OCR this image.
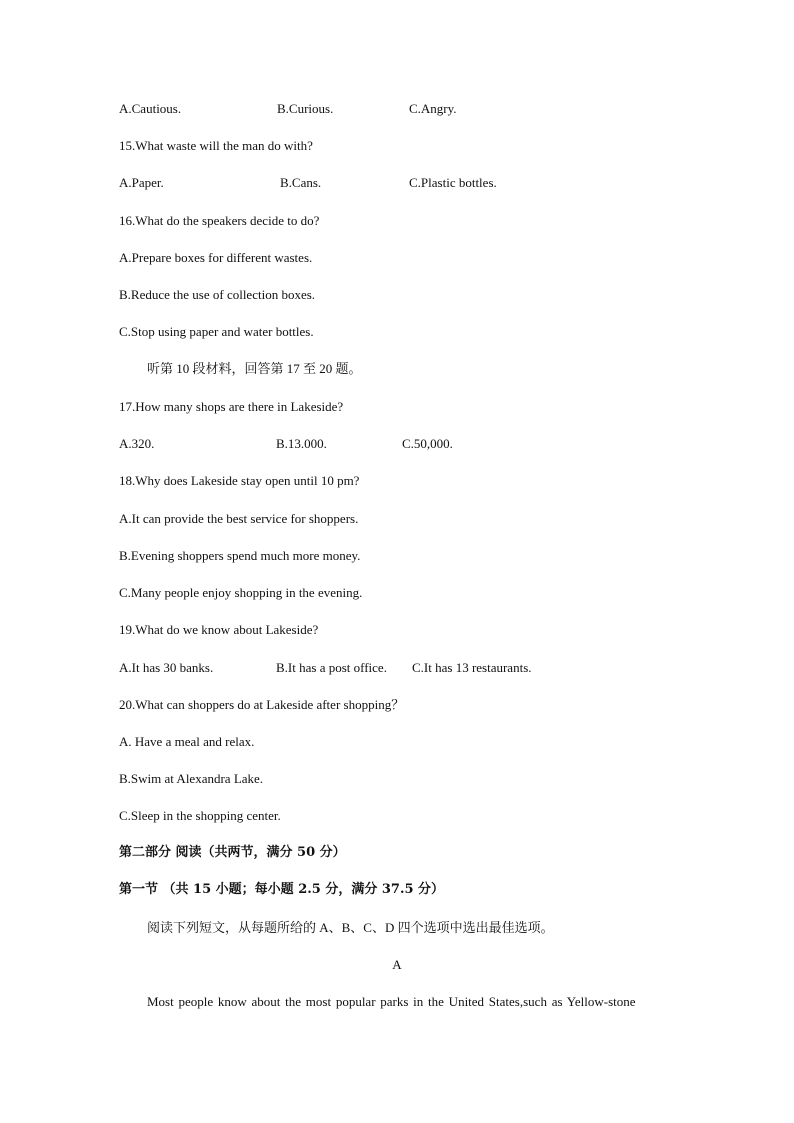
A.Cautious.	B.Curious.	C.Angry.
15.What waste will the man do with?
A.Paper.	B.Cans.	C.Plastic bottles.
16.What do the speakers decide to do?
A.Prepare boxes for different wastes.
B.Reduce the use of collection boxes.
C.Stop using paper and water bottles.
听第 10 段材料，回答第 17 至 20 题。
17.How many shops are there in Lakeside?
A.320.	B.13.000.	C.50,000.
18.Why does Lakeside stay open until 10 pm?
A.It can provide the best service for shoppers.
B.Evening shoppers spend much more money.
C.Many people enjoy shopping in the evening.
19.What do we know about Lakeside?
A.It has 30 banks.	B.It has a post office. C.It has 13 restaurants.
20.What can shoppers do at Lakeside after shopping？
A. Have a meal and relax.
B.Swim at Alexandra Lake.
C.Sleep in the shopping center.
第二部分 阅读（共两节，满分 50 分）
第一节 （共 15 小题；每小题 2.5 分，满分 37.5 分）
阅读下列短文，从每题所给的 A、B、C、D 四个选项中选出最佳选项。
A
Most people know about the most popular parks in the United States,such as Yellow-stone
